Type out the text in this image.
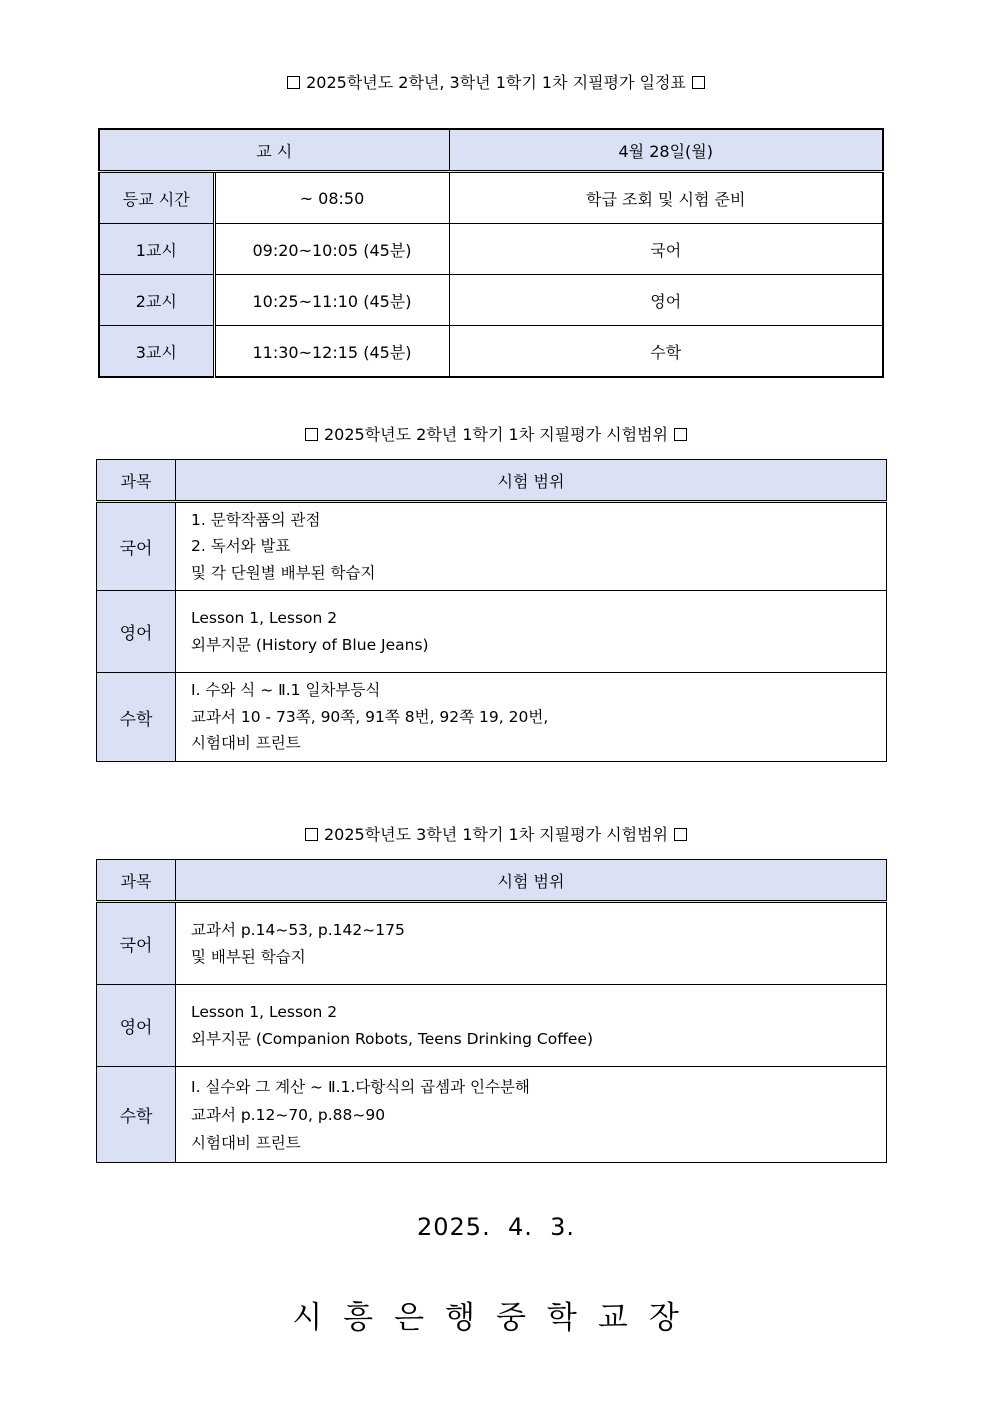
2025학년도 2학년, 3학년 1학기 1차 지필평가 일정표
교 시		4월 28일(월)
등교 시간	~ 08:50	학급 조회 및 시험 준비
1교시	09:20~10:05 (45분)	국어
2교시	10:25~11:10 (45분)	영어
3교시	11:30~12:15 (45분)	수학
2025학년도 2학년 1학기 1차 지필평가 시험범위
과목	시험 범위
국어	1. 문학작품의 관점
2. 독서와 발표
및 각 단원별 배부된 학습지

영어	Lesson 1, Lesson 2
외부지문 (History of Blue Jeans)

수학	Ⅰ. 수와 식 ~ Ⅱ.1 일차부등식
교과서 10 - 73쪽, 90쪽, 91쪽 8번, 92쪽 19, 20번,
시험대비 프린트
2025학년도 3학년 1학기 1차 지필평가 시험범위
과목	시험 범위
국어	교과서 p.14~53, p.142~175
및 배부된 학습지

영어	Lesson 1, Lesson 2
외부지문 (Companion Robots, Teens Drinking Coffee)

수학	Ⅰ. 실수와 그 계산 ~ Ⅱ.1.다항식의 곱셈과 인수분해
교과서 p.12~70, p.88~90
시험대비 프린트
2025.  4.  3.
시흥은행중학교장
